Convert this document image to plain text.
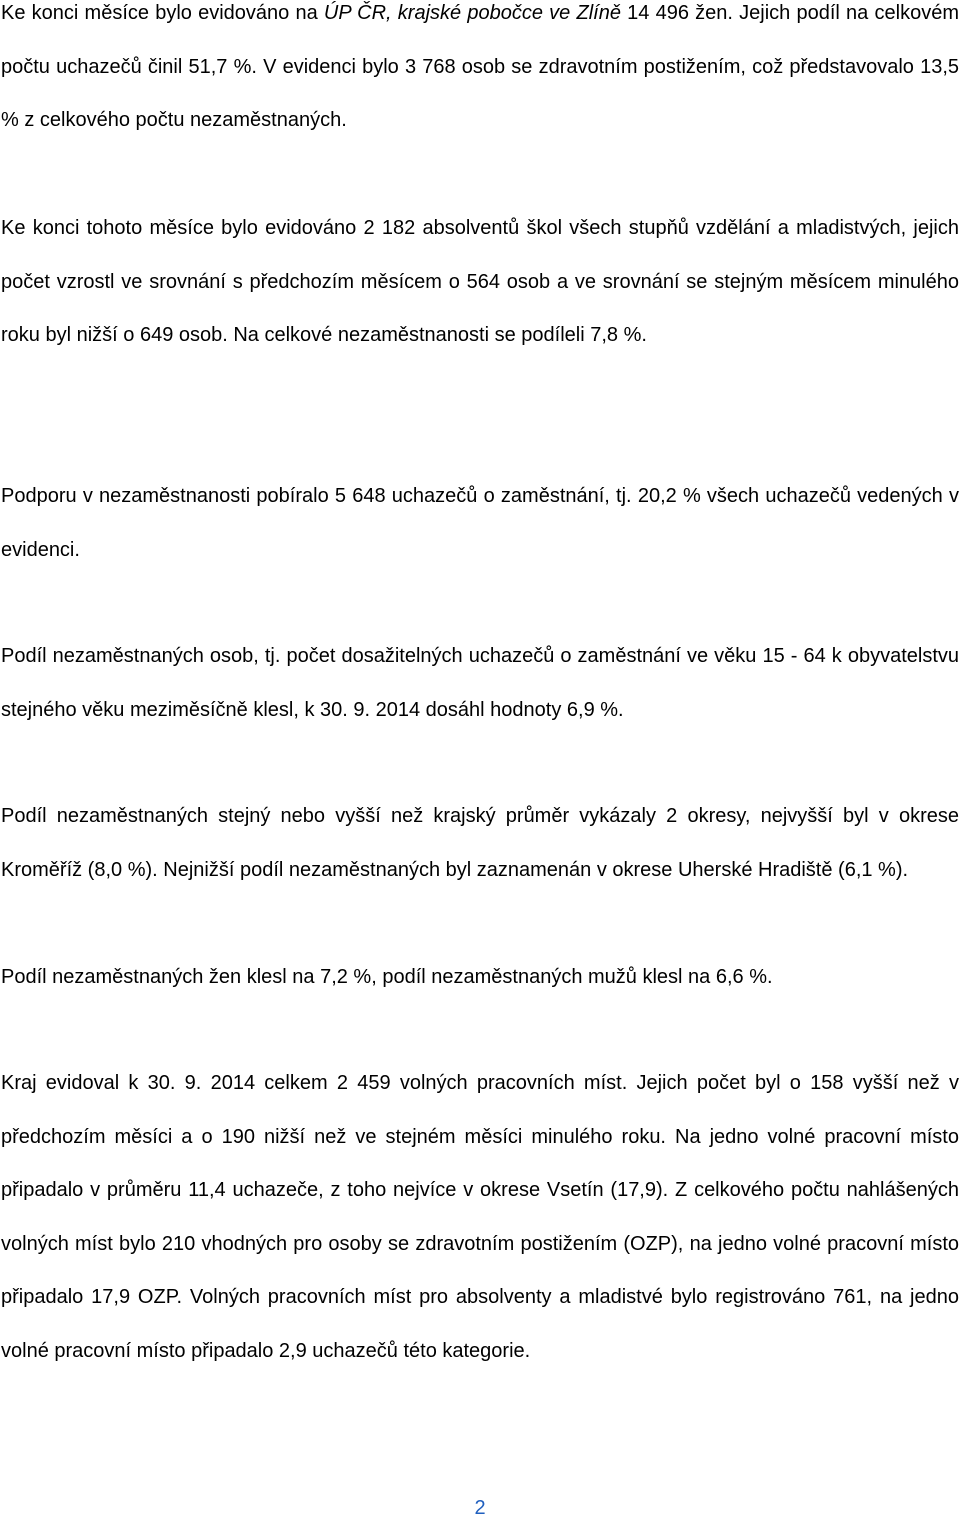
Ke konci měsíce bylo evidováno na ÚP ČR, krajské pobočce ve Zlíně 14 496 žen. Jejich podíl na celkovém počtu uchazečů činil 51,7 %. V evidenci bylo 3 768 osob se zdravotním postižením, což představovalo 13,5 % z celkového počtu nezaměstnaných.

Ke konci tohoto měsíce bylo evidováno 2 182 absolventů škol všech stupňů vzdělání a mladistvých, jejich počet vzrostl ve srovnání s předchozím měsícem o 564 osob a ve srovnání se stejným měsícem minulého roku byl nižší o 649 osob. Na celkové nezaměstnanosti se podíleli 7,8 %.

Podporu v nezaměstnanosti pobíralo 5 648 uchazečů o zaměstnání, tj. 20,2 % všech uchazečů vedených v evidenci.

Podíl nezaměstnaných osob, tj. počet dosažitelných uchazečů o zaměstnání ve věku 15 - 64 k obyvatelstvu stejného věku meziměsíčně klesl, k 30. 9. 2014 dosáhl hodnoty 6,9 %.

Podíl nezaměstnaných stejný nebo vyšší než krajský průměr vykázaly 2 okresy, nejvyšší byl v okrese Kroměříž (8,0 %). Nejnižší podíl nezaměstnaných byl zaznamenán v okrese Uherské Hradiště (6,1 %).

Podíl nezaměstnaných žen klesl na 7,2 %, podíl nezaměstnaných mužů klesl na 6,6 %.

Kraj evidoval k 30. 9. 2014 celkem 2 459 volných pracovních míst. Jejich počet byl o 158 vyšší než v předchozím měsíci a o 190 nižší než ve stejném měsíci minulého roku. Na jedno volné pracovní místo připadalo v průměru 11,4 uchazeče, z toho nejvíce v okrese Vsetín (17,9). Z celkového počtu nahlášených volných míst bylo 210 vhodných pro osoby se zdravotním postižením (OZP), na jedno volné pracovní místo připadalo 17,9 OZP. Volných pracovních míst pro absolventy a mladistvé bylo registrováno 761, na jedno volné pracovní místo připadalo 2,9 uchazečů této kategorie.

2
